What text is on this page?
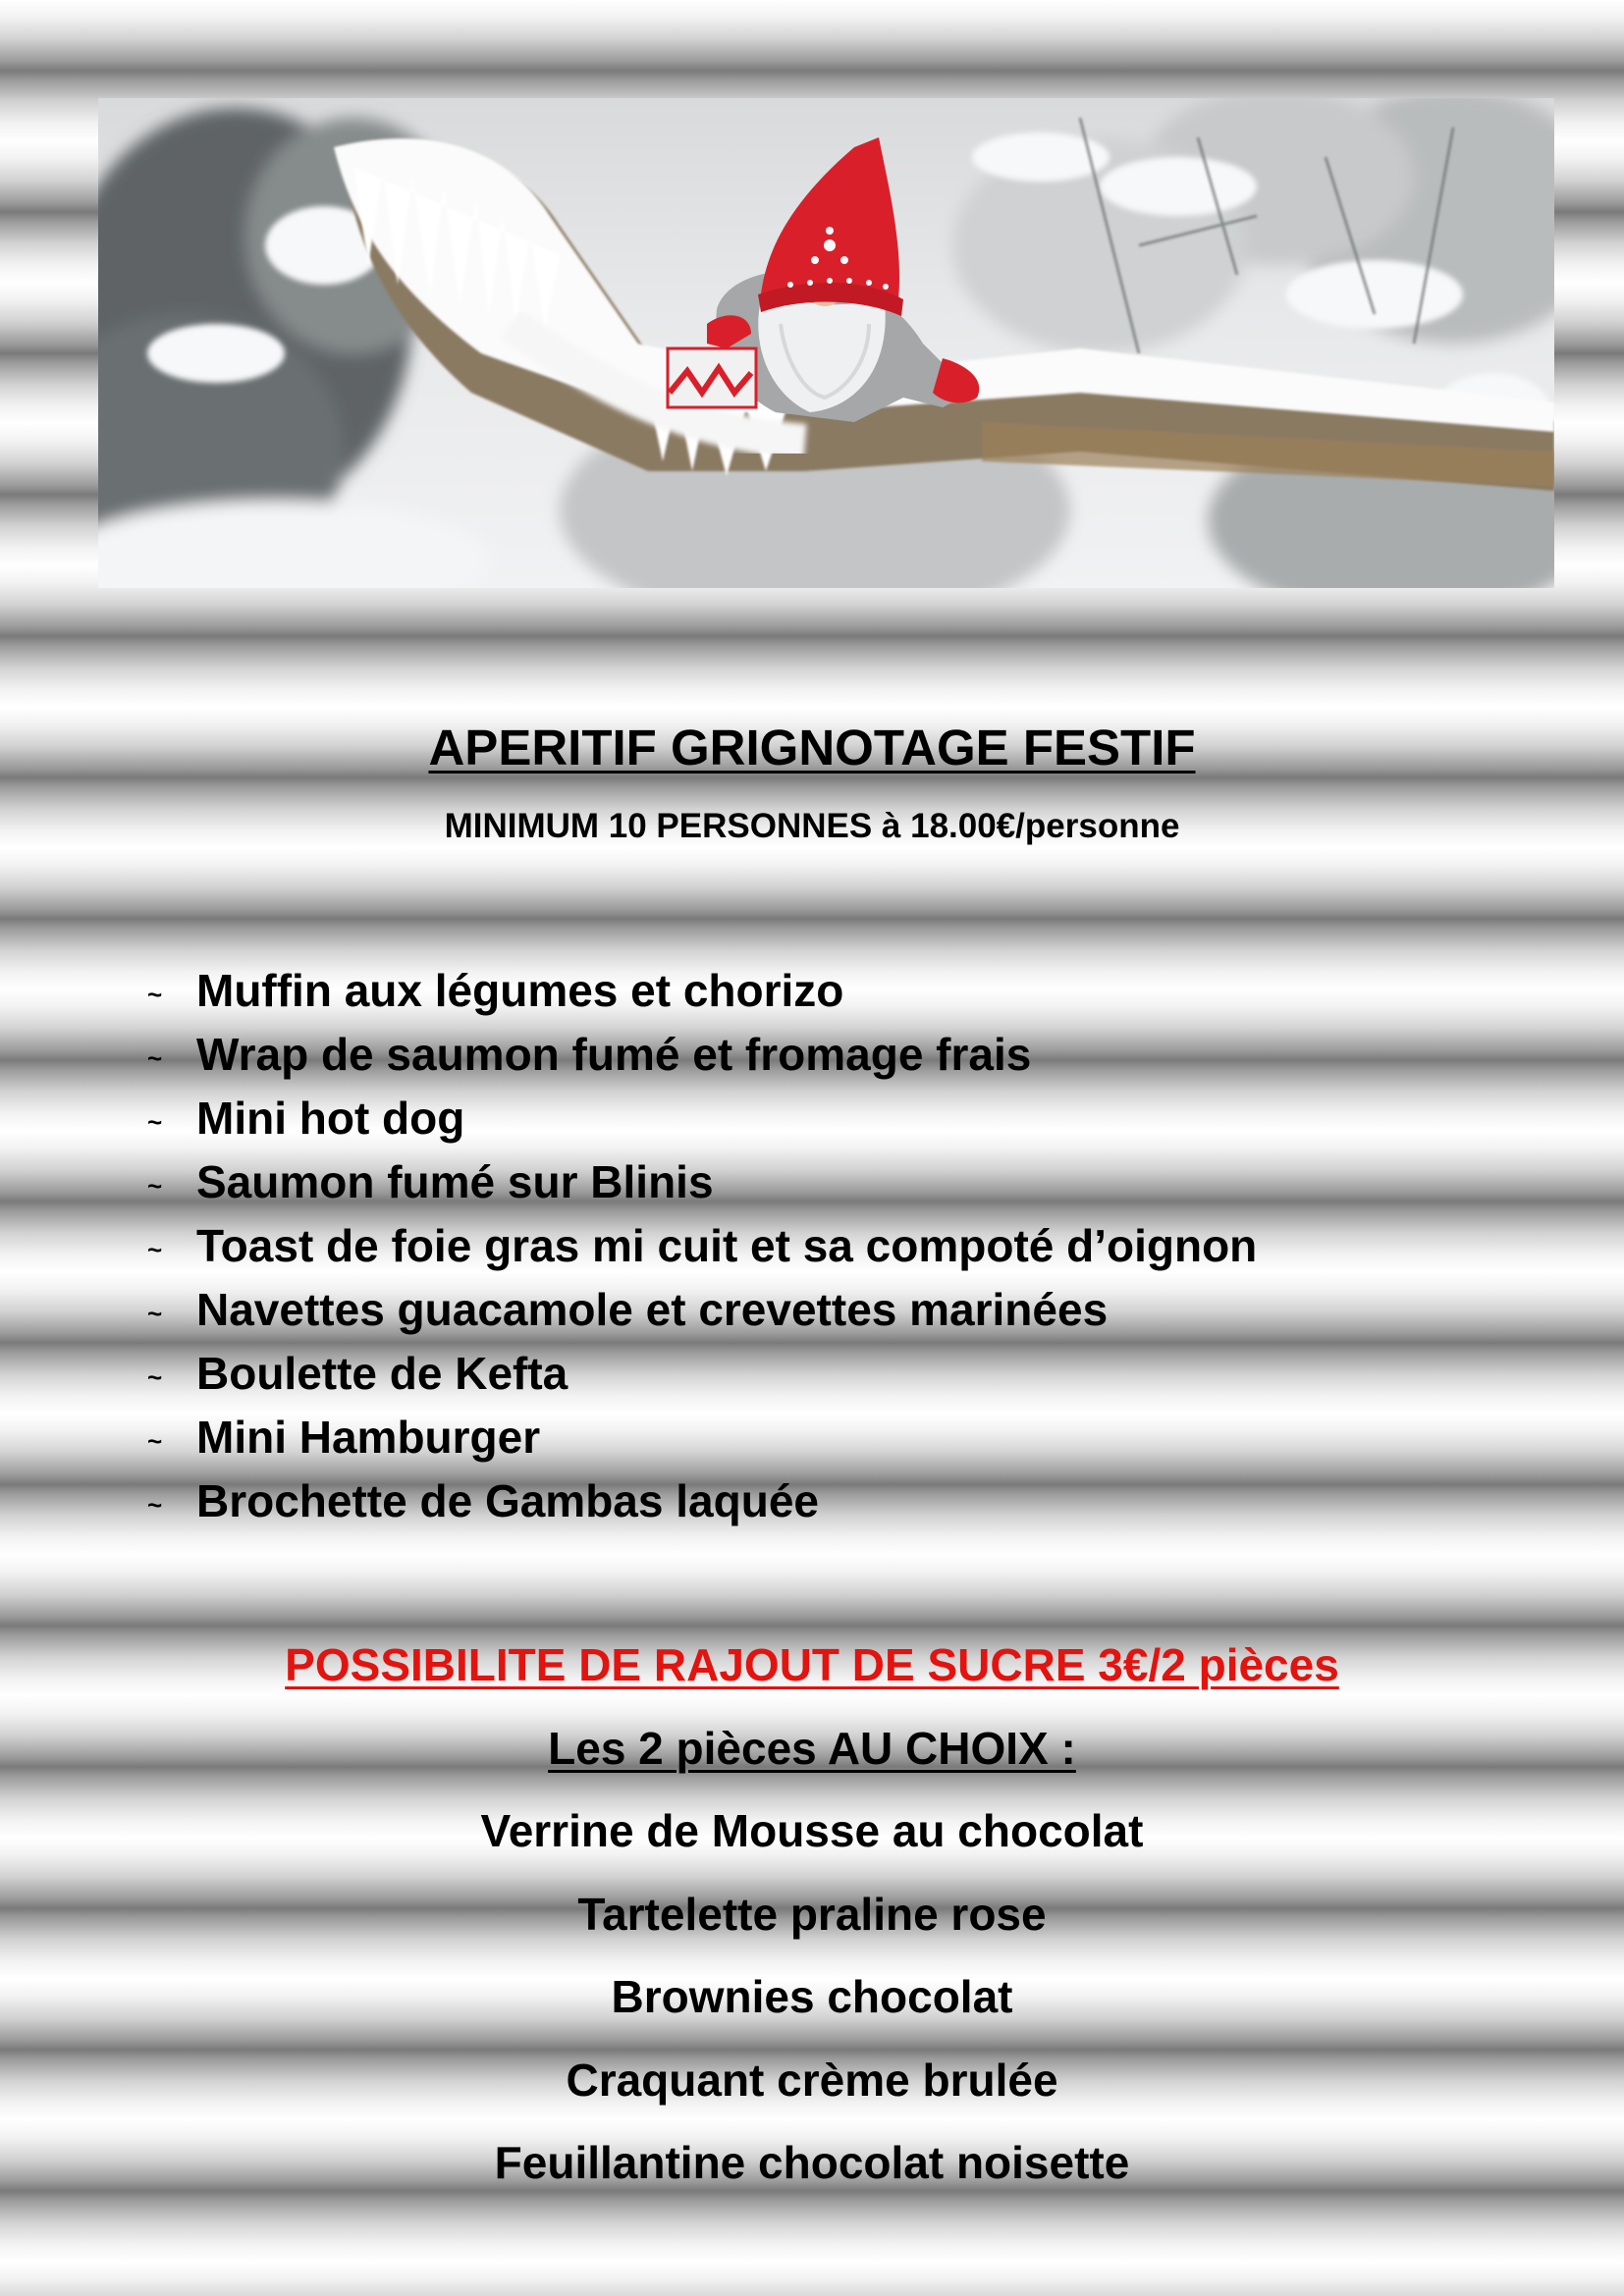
APERITIF GRIGNOTAGE FESTIF
MINIMUM 10 PERSONNES à 18.00€/personne
~ Muffin aux légumes et chorizo
~ Wrap de saumon fumé et fromage frais
~ Mini hot dog
~ Saumon fumé sur Blinis
~ Toast de foie gras mi cuit et sa compoté d’oignon
~ Navettes guacamole et crevettes marinées
~ Boulette de Kefta
~ Mini Hamburger
~ Brochette de Gambas laquée
POSSIBILITE DE RAJOUT DE SUCRE 3€/2 pièces
Les 2 pièces AU CHOIX :
Verrine de Mousse au chocolat
Tartelette praline rose
Brownies chocolat
Craquant crème brulée
Feuillantine chocolat noisette
